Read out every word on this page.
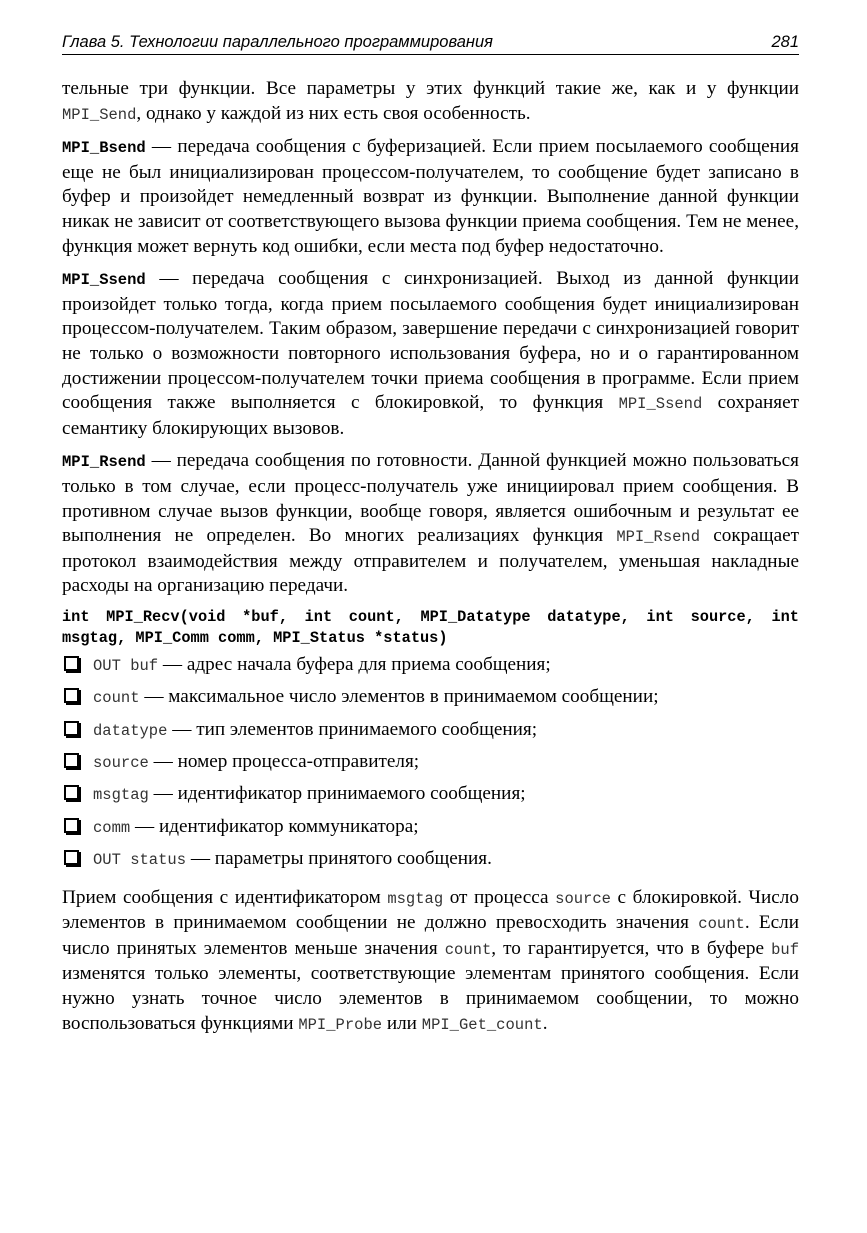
Глава 5. Технологии параллельного программирования	281

тельные три функции. Все параметры у этих функций такие же, как и у функции MPI_Send, однако у каждой из них есть своя особенность.

MPI_Bsend — передача сообщения с буферизацией. Если прием посылаемого сообщения еще не был инициализирован процессом-получателем, то сообщение будет записано в буфер и произойдет немедленный возврат из функции. Выполнение данной функции никак не зависит от соответствующего вызова функции приема сообщения. Тем не менее, функция может вернуть код ошибки, если места под буфер недостаточно.

MPI_Ssend — передача сообщения с синхронизацией. Выход из данной функции произойдет только тогда, когда прием посылаемого сообщения будет инициализирован процессом-получателем. Таким образом, завершение передачи с синхронизацией говорит не только о возможности повторного использования буфера, но и о гарантированном достижении процессом-получателем точки приема сообщения в программе. Если прием сообщения также выполняется с блокировкой, то функция MPI_Ssend сохраняет семантику блокирующих вызовов.

MPI_Rsend — передача сообщения по готовности. Данной функцией можно пользоваться только в том случае, если процесс-получатель уже инициировал прием сообщения. В противном случае вызов функции, вообще говоря, является ошибочным и результат ее выполнения не определен. Во многих реализациях функция MPI_Rsend сокращает протокол взаимодействия между отправителем и получателем, уменьшая накладные расходы на организацию передачи.

int MPI_Recv(void *buf, int count, MPI_Datatype datatype, int source, int msgtag, MPI_Comm comm, MPI_Status *status)
OUT buf — адрес начала буфера для приема сообщения;
count — максимальное число элементов в принимаемом сообщении;
datatype — тип элементов принимаемого сообщения;
source — номер процесса-отправителя;
msgtag — идентификатор принимаемого сообщения;
comm — идентификатор коммуникатора;
OUT status — параметры принятого сообщения.

Прием сообщения с идентификатором msgtag от процесса source с блокировкой. Число элементов в принимаемом сообщении не должно превосходить значения count. Если число принятых элементов меньше значения count, то гарантируется, что в буфере buf изменятся только элементы, соответствующие элементам принятого сообщения. Если нужно узнать точное число элементов в принимаемом сообщении, то можно воспользоваться функциями MPI_Probe или MPI_Get_count.
